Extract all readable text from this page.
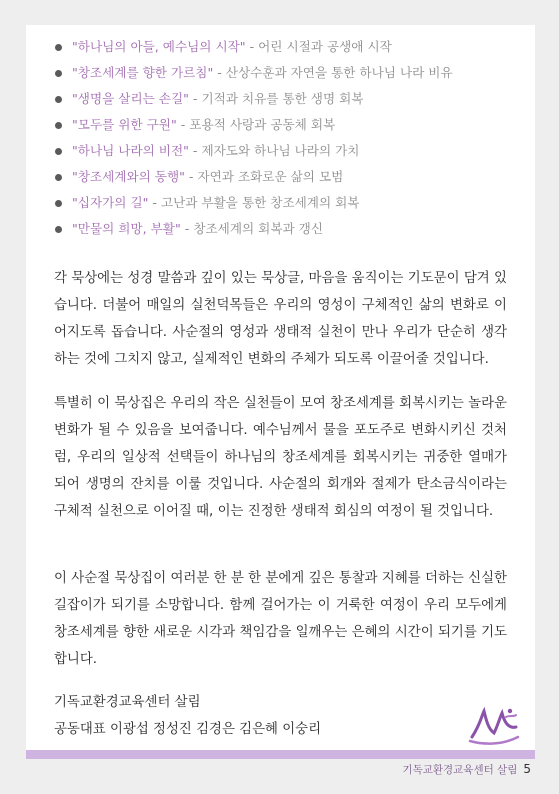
"하나님의 아들, 예수님의 시작" - 어린 시절과 공생애 시작
"창조세계를 향한 가르침" - 산상수훈과 자연을 통한 하나님 나라 비유
"생명을 살리는 손길" - 기적과 치유를 통한 생명 회복
"모두를 위한 구원" - 포용적 사랑과 공동체 회복
"하나님 나라의 비전" - 제자도와 하나님 나라의 가치
"창조세계와의 동행" - 자연과 조화로운 삶의 모범
"십자가의 길" - 고난과 부활을 통한 창조세계의 회복
"만물의 희망, 부활" - 창조세계의 회복과 갱신

각 묵상에는 성경 말씀과 깊이 있는 묵상글, 마음을 움직이는 기도문이 담겨 있습니다. 더불어 매일의 실천덕목들은 우리의 영성이 구체적인 삶의 변화로 이어지도록 돕습니다. 사순절의 영성과 생태적 실천이 만나 우리가 단순히 생각하는 것에 그치지 않고, 실제적인 변화의 주체가 되도록 이끌어줄 것입니다.

특별히 이 묵상집은 우리의 작은 실천들이 모여 창조세계를 회복시키는 놀라운 변화가 될 수 있음을 보여줍니다. 예수님께서 물을 포도주로 변화시키신 것처럼, 우리의 일상적 선택들이 하나님의 창조세계를 회복시키는 귀중한 열매가 되어 생명의 잔치를 이룰 것입니다. 사순절의 회개와 절제가 탄소금식이라는 구체적 실천으로 이어질 때, 이는 진정한 생태적 회심의 여정이 될 것입니다.

이 사순절 묵상집이 여러분 한 분 한 분에게 깊은 통찰과 지혜를 더하는 신실한 길잡이가 되기를 소망합니다. 함께 걸어가는 이 거룩한 여정이 우리 모두에게 창조세계를 향한 새로운 시각과 책임감을 일깨우는 은혜의 시간이 되기를 기도합니다.

기독교환경교육센터 살림

공동대표 이광섭 정성진 김경은 김은혜 이숭리

기독교환경교육센터 살림 5
